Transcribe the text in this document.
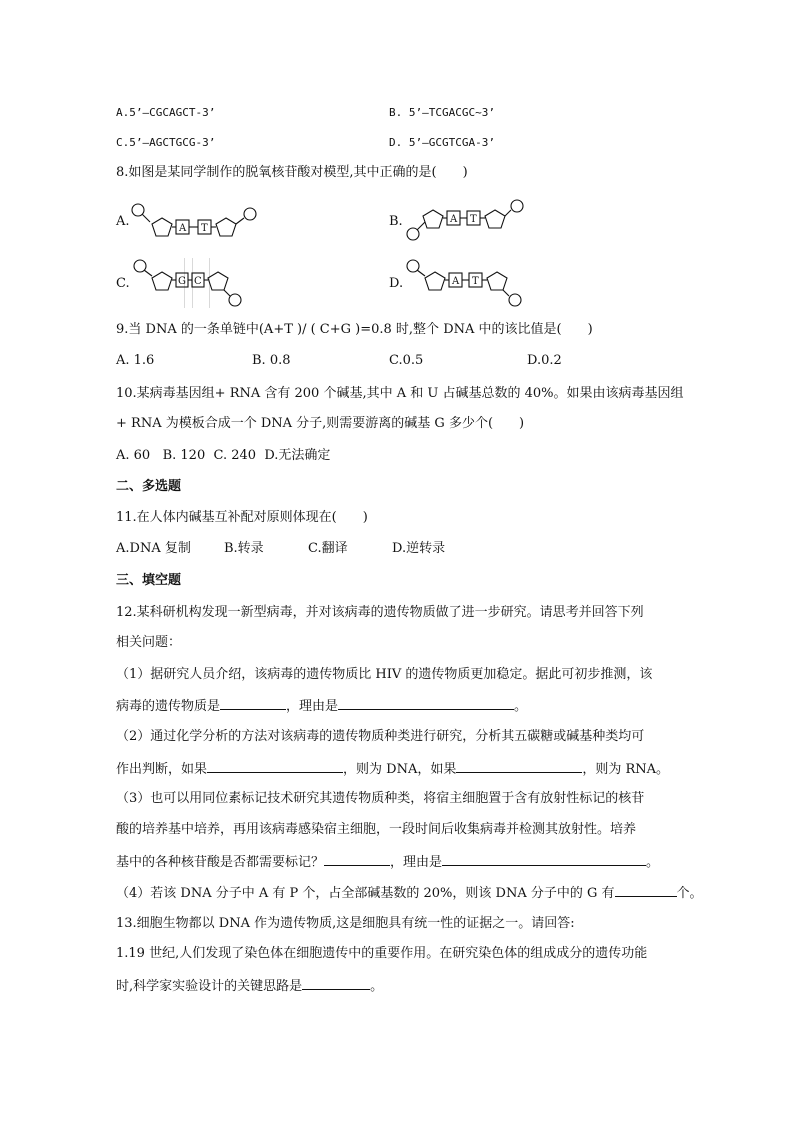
A.5’—CGCAGCT-3’	B. 5’—TCGACGC~3’
C.5’—AGCTGCG-3’	D. 5’—GCGTCGA-3’
8.如图是某同学制作的脱氧核苷酸对模型,其中正确的是(　　)
A.	A T	B.	A T
C.	G C	D.	A T
9.当 DNA 的一条单链中(A+T )/ ( C+G )=0.8 时,整个 DNA 中的该比值是(　　)
A. 1.6	B. 0.8	C.0.5	D.0.2
10.某病毒基因组+ RNA 含有 200 个碱基,其中 A 和 U 占碱基总数的 40%。如果由该病毒基因组
+ RNA 为模板合成一个 DNA 分子,则需要游离的碱基 G 多少个(　　)
A. 60   B. 120  C. 240  D.无法确定
二、多选题
11.在人体内碱基互补配对原则体现在(　　)
A.DNA 复制	B.转录	C.翻译	D.逆转录
三、填空题
12.某科研机构发现一新型病毒，并对该病毒的遗传物质做了进一步研究。请思考并回答下列
相关问题：
（1）据研究人员介绍，该病毒的遗传物质比 HIV 的遗传物质更加稳定。据此可初步推测，该
病毒的遗传物质是	，理由是	。
（2）通过化学分析的方法对该病毒的遗传物质种类进行研究，分析其五碳糖或碱基种类均可
作出判断，如果	，则为 DNA，如果	，则为 RNA。
（3）也可以用同位素标记技术研究其遗传物质种类，将宿主细胞置于含有放射性标记的核苷
酸的培养基中培养，再用该病毒感染宿主细胞，一段时间后收集病毒并检测其放射性。培养
基中的各种核苷酸是否都需要标记？	，理由是	。
（4）若该 DNA 分子中 A 有 P 个，占全部碱基数的 20%，则该 DNA 分子中的 G 有	个。
13.细胞生物都以 DNA 作为遗传物质,这是细胞具有统一性的证据之一。请回答:
1.19 世纪,人们发现了染色体在细胞遗传中的重要作用。在研究染色体的组成成分的遗传功能
时,科学家实验设计的关键思路是	。
